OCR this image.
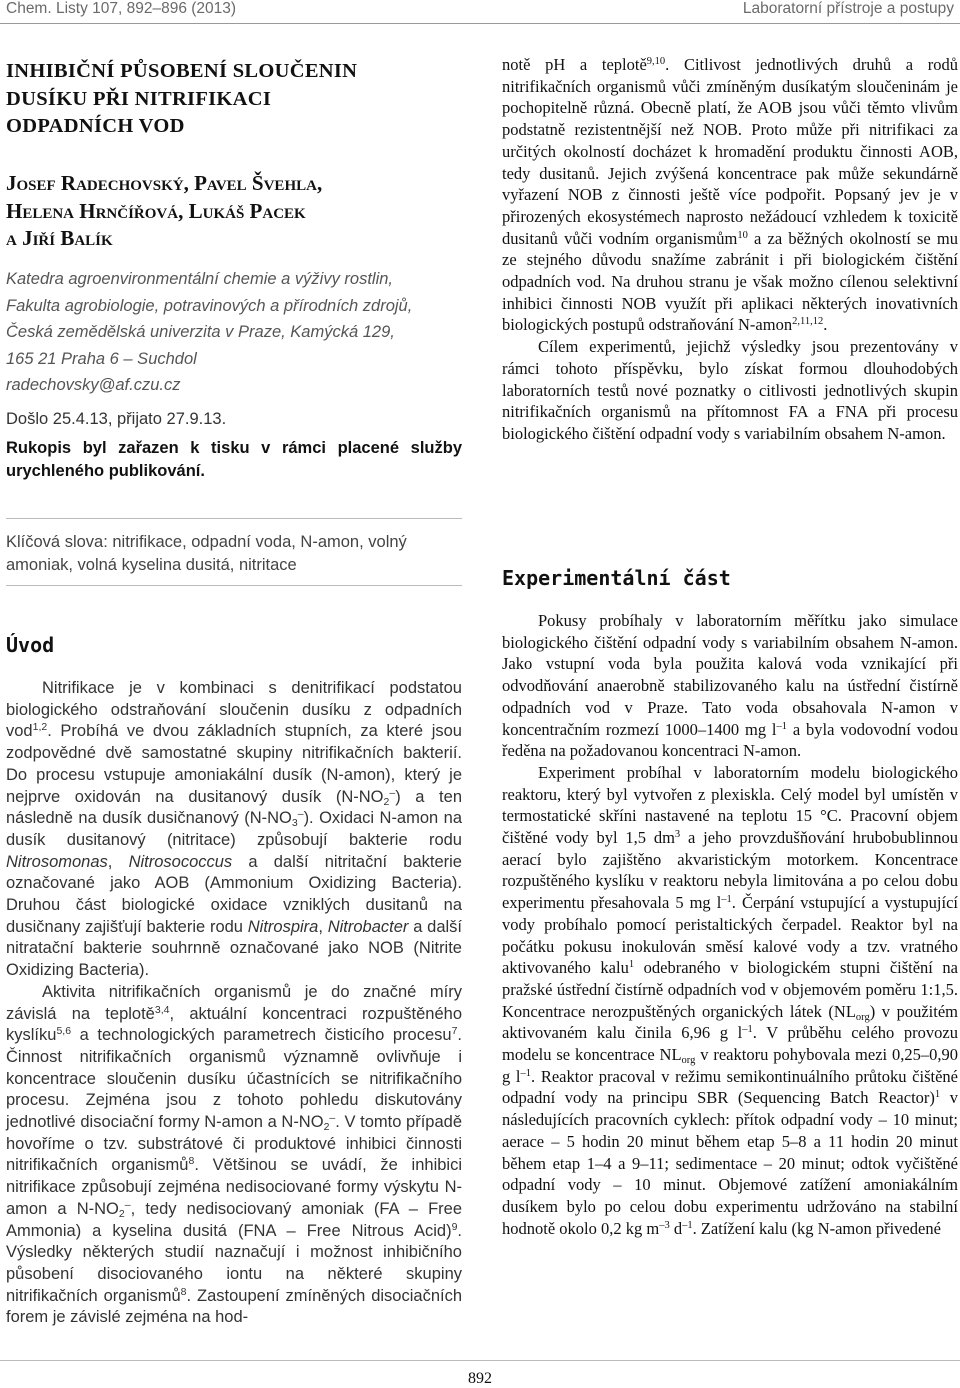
Chem. Listy 107, 892–896 (2013)	Laboratorní přístroje a postupy
INHIBIČNÍ PŮSOBENÍ SLOUČENIN
DUSÍKU PŘI NITRIFIKACI
ODPADNÍCH VOD
Josef Radechovský, Pavel Švehla,
Helena Hrnčířová, Lukáš Pacek
a Jiří Balík
Katedra agroenvironmentální chemie a výživy rostlin,
Fakulta agrobiologie, potravinových a přírodních zdrojů,
Česká zemědělská univerzita v Praze, Kamýcká 129,
165 21 Praha 6 – Suchdol
radechovsky@af.czu.cz
Došlo 25.4.13, přijato 27.9.13.
Rukopis byl zařazen k tisku v rámci placené služby urychleného publikování.
Klíčová slova: nitrifikace, odpadní voda, N-amon, volný amoniak, volná kyselina dusitá, nitritace
Úvod

Nitrifikace je v kombinaci s denitrifikací podstatou biologického odstraňování sloučenin dusíku z odpadních vod$^{1,2}$. Probíhá ve dvou základních stupních, za které jsou zodpovědné dvě samostatné skupiny nitrifikačních bakterií. Do procesu vstupuje amoniakální dusík (N-amon), který je nejprve oxidován na dusitanový dusík $(N-NO_2^-)$ a ten následně na dusík dusičnanový $(N-NO_3^-)$. Oxidaci N-amon na dusík dusitanový (nitritace) způsobují bakterie rodu Nitrosomonas, Nitrosococcus a další nitritační bakterie označované jako AOB (Ammonium Oxidizing Bacteria). Druhou část biologické oxidace vzniklých dusitanů na dusičnany zajišťují bakterie rodu Nitrospira, Nitrobacter a další nitratační bakterie souhrnně označované jako NOB (Nitrite Oxidizing Bacteria).

Aktivita nitrifikačních organismů je do značné míry závislá na teplotě$^{3,4}$, aktuální koncentraci rozpuštěného kyslíku$^{5,6}$ a technologických parametrech čisticího procesu$^7$. Činnost nitrifikačních organismů významně ovlivňuje i koncentrace sloučenin dusíku účastnících se nitrifikačního procesu. Zejména jsou z tohoto pohledu diskutovány jednotlivé disociační formy N-amon a $N-NO_2^-$. V tomto případě hovoříme o tzv. substrátové či produktové inhibici činnosti nitrifikačních organismů$^8$. Většinou se uvádí, že inhibici nitrifikace způsobují zejména nedisociované formy výskytu N-amon a $N-NO_2^-$, tedy nedisociovaný amoniak (FA – Free Ammonia) a kyselina dusitá (FNA – Free Nitrous Acid)$^9$. Výsledky některých studií naznačují i možnost inhibičního působení disociovaného iontu na některé skupiny nitrifikačních organismů$^8$. Zastoupení zmíněných disociačních forem je závislé zejména na hod-

notě pH a teplotě$^{9,10}$. Citlivost jednotlivých druhů a rodů nitrifikačních organismů vůči zmíněným dusíkatým sloučeninám je pochopitelně různá. Obecně platí, že AOB jsou vůči těmto vlivům podstatně rezistentnější než NOB. Proto může při nitrifikaci za určitých okolností docházet k hromadění produktu činnosti AOB, tedy dusitanů. Jejich zvýšená koncentrace pak může sekundárně vyřazení NOB z činnosti ještě více podpořit. Popsaný jev je v přirozených ekosystémech naprosto nežádoucí vzhledem k toxicitě dusitanů vůči vodním organismům$^{10}$ a za běžných okolností se mu ze stejného důvodu snažíme zabránit i při biologickém čištění odpadních vod. Na druhou stranu je však možno cílenou selektivní inhibici činnosti NOB využít při aplikaci některých inovativních biologických postupů odstraňování N-amon$^{2,11,12}$.

Cílem experimentů, jejichž výsledky jsou prezentovány v rámci tohoto příspěvku, bylo získat formou dlouhodobých laboratorních testů nové poznatky o citlivosti jednotlivých skupin nitrifikačních organismů na přítomnost FA a FNA při procesu biologického čištění odpadní vody s variabilním obsahem N-amon.

Experimentální část

Pokusy probíhaly v laboratorním měřítku jako simulace biologického čištění odpadní vody s variabilním obsahem N-amon. Jako vstupní voda byla použita kalová voda vznikající při odvodňování anaerobně stabilizovaného kalu na ústřední čistírně odpadních vod v Praze. Tato voda obsahovala N-amon v koncentračním rozmezí 1000–1400 mg $l^{-1}$ a byla vodovodní vodou ředěna na požadovanou koncentraci N-amon.

Experiment probíhal v laboratorním modelu biologického reaktoru, který byl vytvořen z plexiskla. Celý model byl umístěn v termostatické skříni nastavené na teplotu 15 °C. Pracovní objem čištěné vody byl 1,5 $dm^3$ a jeho provzdušňování hrubobublinnou aerací bylo zajištěno akvaristickým motorkem. Koncentrace rozpuštěného kyslíku v reaktoru nebyla limitována a po celou dobu experimentu přesahovala 5 mg $l^{-1}$. Čerpání vstupující a vystupující vody probíhalo pomocí peristaltických čerpadel. Reaktor byl na počátku pokusu inokulován směsí kalové vody a tzv. vratného aktivovaného kalu$^1$ odebraného v biologickém stupni čištění na pražské ústřední čistírně odpadních vod v objemovém poměru 1:1,5. Koncentrace nerozpuštěných organických látek $(NL_{org})$ v použitém aktivovaném kalu činila 6,96 g $l^{-1}$. V průběhu celého provozu modelu se koncentrace $NL_{org}$ v reaktoru pohybovala mezi 0,25–0,90 g $l^{-1}$. Reaktor pracoval v režimu semikontinuálního průtoku čištěné odpadní vody na principu SBR (Sequencing Batch Reactor)$^1$ v následujících pracovních cyklech: přítok odpadní vody – 10 minut; aerace – 5 hodin 20 minut během etap 5–8 a 11 hodin 20 minut během etap 1–4 a 9–11; sedimentace – 20 minut; odtok vyčištěné odpadní vody – 10 minut. Objemové zatížení amoniakálním dusíkem bylo po celou dobu experimentu udržováno na stabilní hodnotě okolo 0,2 kg $m^{-3}$ $d^{-1}$. Zatížení kalu (kg N-amon přivedené

892
